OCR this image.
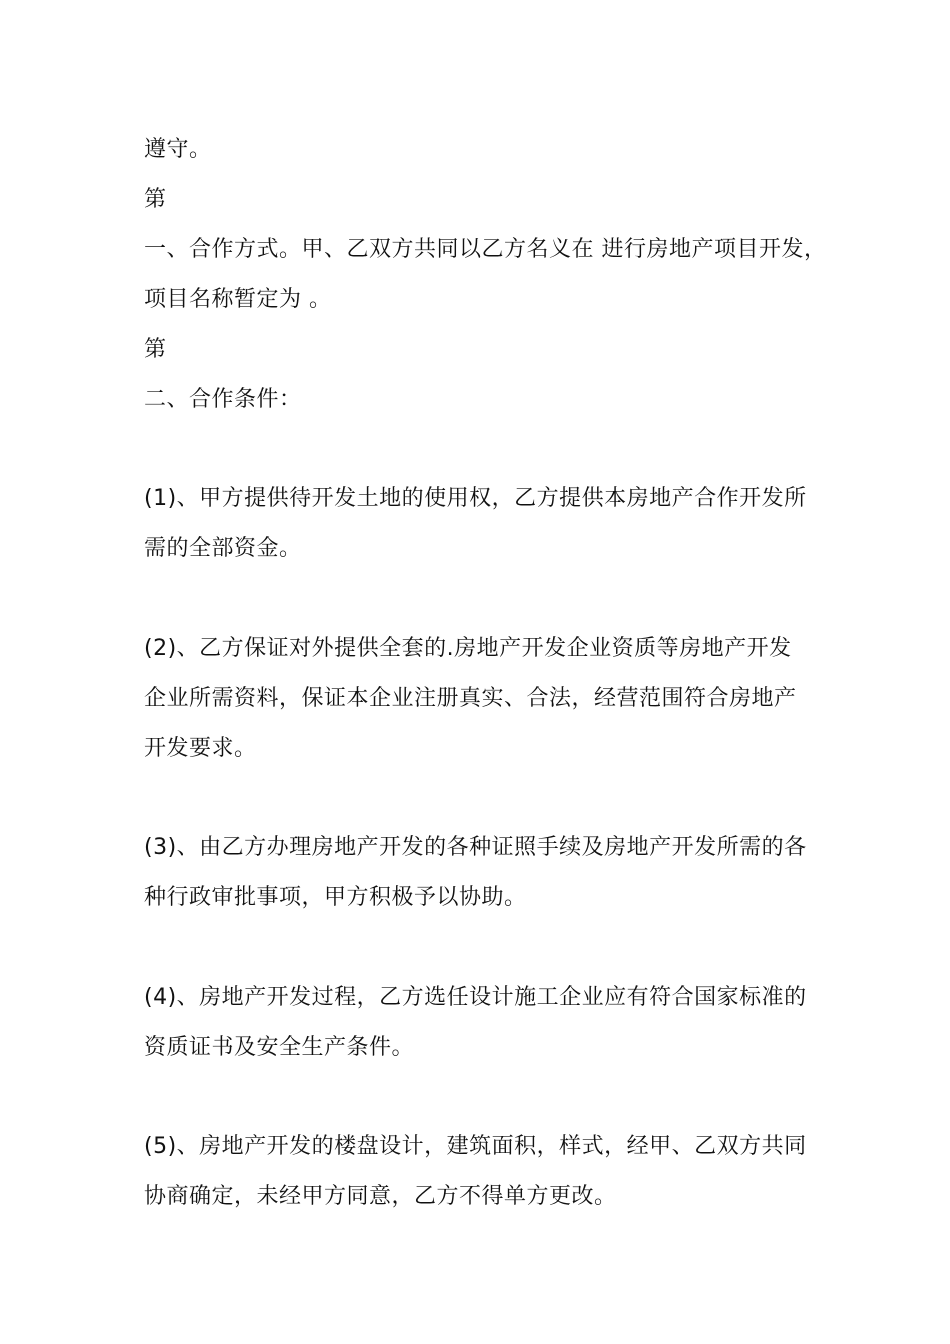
遵守。
第
一、合作方式。甲、乙双方共同以乙方名义在 进行房地产项目开发，
项目名称暂定为 。
第
二、合作条件：
(1)、甲方提供待开发土地的使用权，乙方提供本房地产合作开发所
需的全部资金。
(2)、乙方保证对外提供全套的.房地产开发企业资质等房地产开发
企业所需资料，保证本企业注册真实、合法，经营范围符合房地产
开发要求。
(3)、由乙方办理房地产开发的各种证照手续及房地产开发所需的各
种行政审批事项，甲方积极予以协助。
(4)、房地产开发过程，乙方选任设计施工企业应有符合国家标准的
资质证书及安全生产条件。
(5)、房地产开发的楼盘设计，建筑面积，样式，经甲、乙双方共同
协商确定，未经甲方同意，乙方不得单方更改。
